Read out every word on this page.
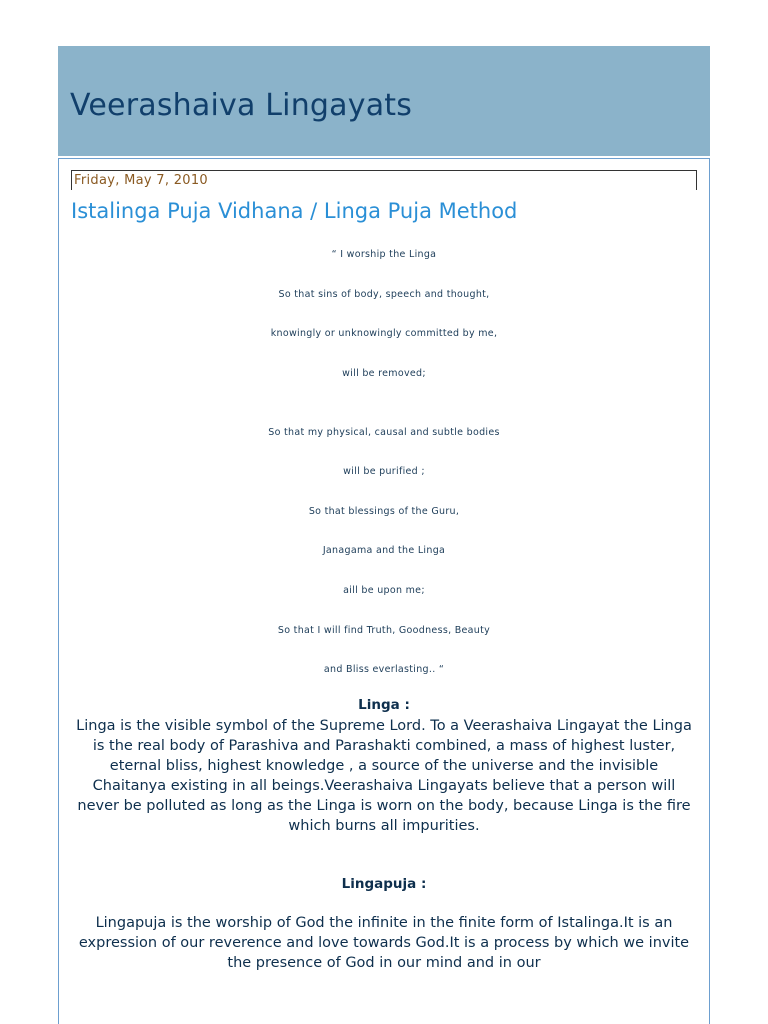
Veerashaiva Lingayats
Friday, May 7, 2010
Istalinga Puja Vidhana / Linga Puja Method
“ I worship the Linga
So that sins of body, speech and thought,
knowingly or unknowingly committed by me,
will be removed;
So that my physical, causal and subtle bodies
will be purified ;
So that blessings of the Guru,
Janagama and the Linga
aill be upon me;
So that I will find Truth, Goodness, Beauty
and Bliss everlasting.. “
Linga :

Linga is the visible symbol of the Supreme Lord. To a Veerashaiva Lingayat the Linga is the real body of Parashiva and Parashakti combined, a mass of highest luster, eternal bliss, highest knowledge , a source of the universe and the invisible Chaitanya existing in all beings.Veerashaiva Lingayats believe that a person will never be polluted as long as the Linga is worn on the body, because Linga is the fire which burns all impurities.

Lingapuja :

Lingapuja is the worship of God the infinite in the finite form of Istalinga.It is an expression of our reverence and love towards God.It is a process by which we invite the presence of God in our mind and in our
